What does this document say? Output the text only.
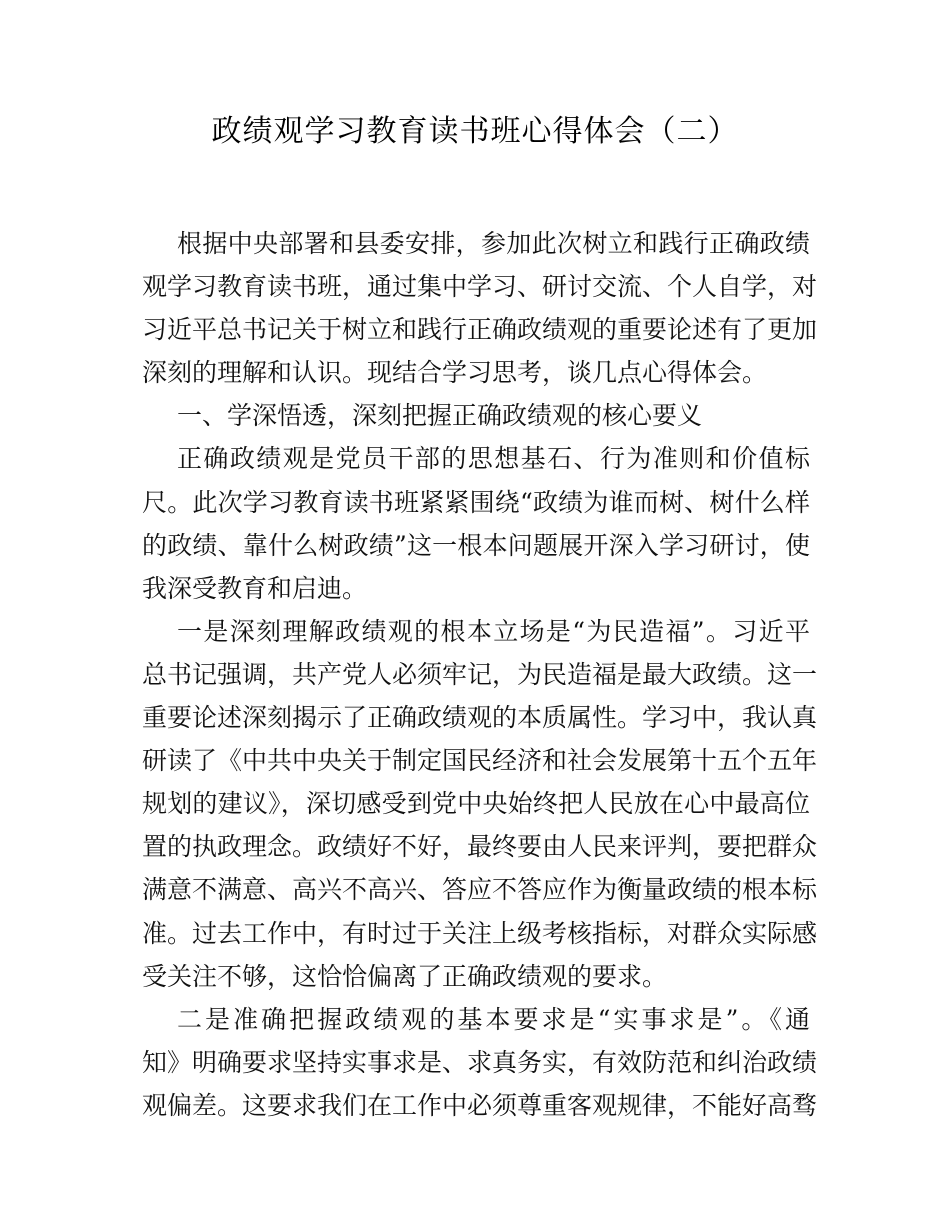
政绩观学习教育读书班心得体会（二）
根据中央部署和县委安排，参加此次树立和践行正确政绩
观学习教育读书班，通过集中学习、研讨交流、个人自学，对
习近平总书记关于树立和践行正确政绩观的重要论述有了更加
深刻的理解和认识。现结合学习思考，谈几点心得体会。
一、学深悟透，深刻把握正确政绩观的核心要义
正确政绩观是党员干部的思想基石、行为准则和价值标
尺。此次学习教育读书班紧紧围绕“政绩为谁而树、树什么样
的政绩、靠什么树政绩”这一根本问题展开深入学习研讨，使
我深受教育和启迪。
一是深刻理解政绩观的根本立场是“为民造福”。习近平
总书记强调，共产党人必须牢记，为民造福是最大政绩。这一
重要论述深刻揭示了正确政绩观的本质属性。学习中，我认真
研读了《中共中央关于制定国民经济和社会发展第十五个五年
规划的建议》，深切感受到党中央始终把人民放在心中最高位
置的执政理念。政绩好不好，最终要由人民来评判，要把群众
满意不满意、高兴不高兴、答应不答应作为衡量政绩的根本标
准。过去工作中，有时过于关注上级考核指标，对群众实际感
受关注不够，这恰恰偏离了正确政绩观的要求。
二是准确把握政绩观的基本要求是“实事求是”。《通
知》明确要求坚持实事求是、求真务实，有效防范和纠治政绩
观偏差。这要求我们在工作中必须尊重客观规律，不能好高骛
